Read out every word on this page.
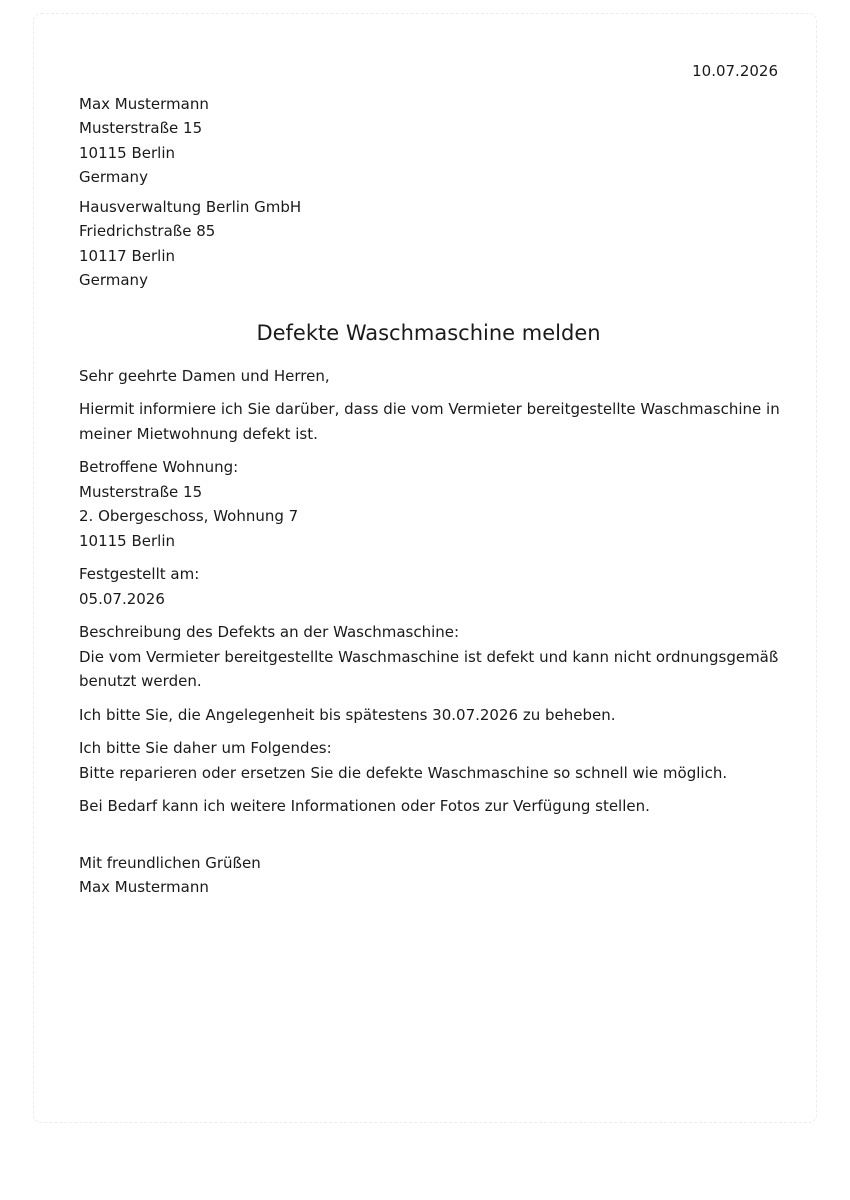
10.07.2026

Max Mustermann
Musterstraße 15
10115 Berlin
Germany
Hausverwaltung Berlin GmbH
Friedrichstraße 85
10117 Berlin
Germany
Defekte Waschmaschine melden

Sehr geehrte Damen und Herren,

Hiermit informiere ich Sie darüber, dass die vom Vermieter bereitgestellte Waschmaschine in
meiner Mietwohnung defekt ist.
Betroffene Wohnung:
Musterstraße 15
2. Obergeschoss, Wohnung 7
10115 Berlin
Festgestellt am:
05.07.2026
Beschreibung des Defekts an der Waschmaschine:
Die vom Vermieter bereitgestellte Waschmaschine ist defekt und kann nicht ordnungsgemäß
benutzt werden.

Ich bitte Sie, die Angelegenheit bis spätestens 30.07.2026 zu beheben.

Ich bitte Sie daher um Folgendes:
Bitte reparieren oder ersetzen Sie die defekte Waschmaschine so schnell wie möglich.

Bei Bedarf kann ich weitere Informationen oder Fotos zur Verfügung stellen.

Mit freundlichen Grüßen
Max Mustermann
